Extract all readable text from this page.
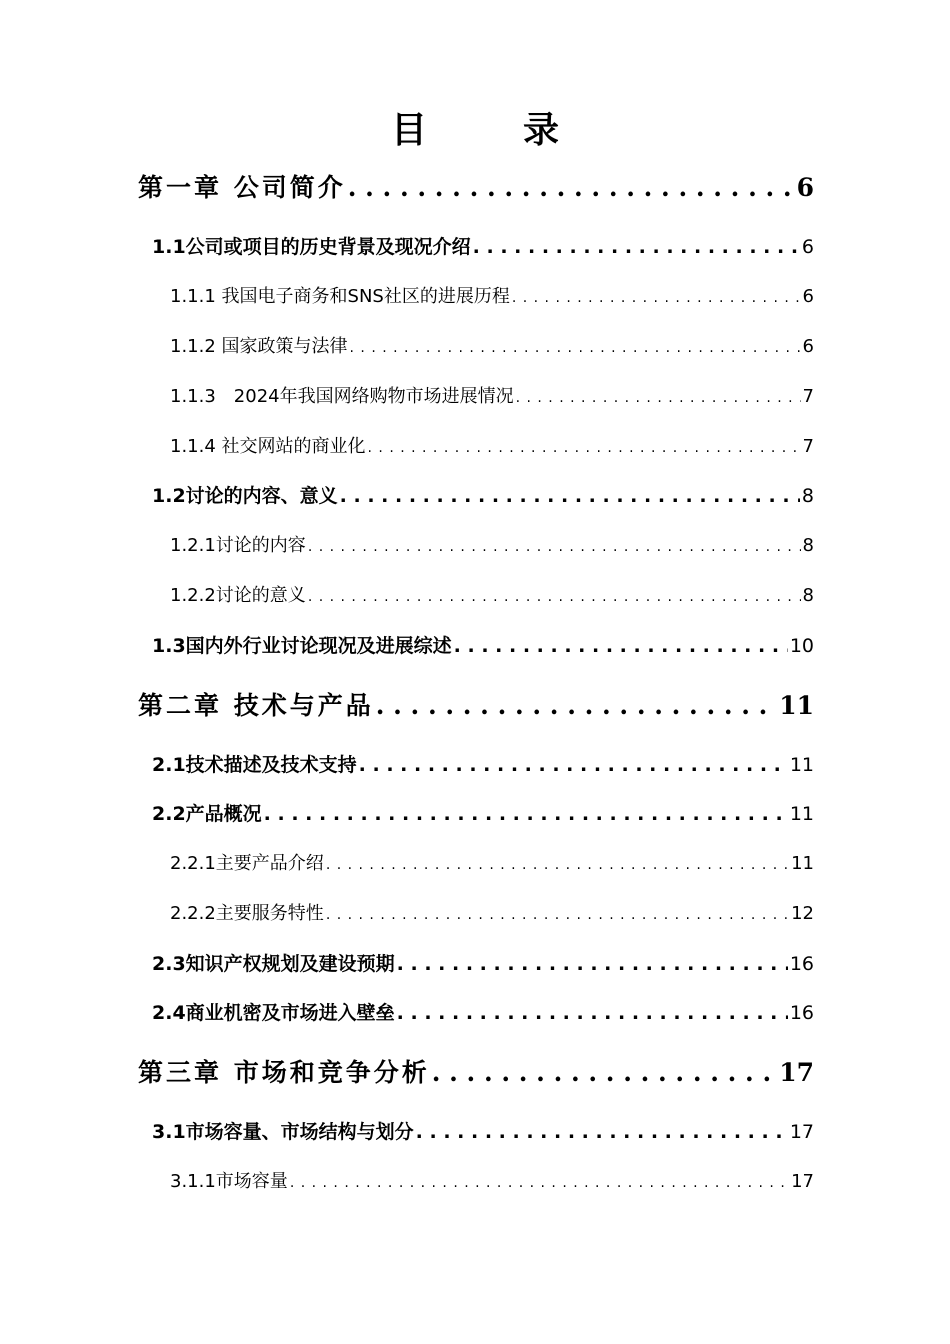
目　录
第一章 公司简介 . . .	6
1.1公司或项目的历史背景及现况介绍 . . .	6
1.1.1 我国电子商务和SNS社区的进展历程 . . .	6
1.1.2 国家政策与法律 . . .	6
1.1.3　2024年我国网络购物市场进展情况 . . .	7
1.1.4 社交网站的商业化 . . .	7
1.2讨论的内容、意义 . . .	8
1.2.1讨论的内容 . . .	8
1.2.2讨论的意义 . . .	8
1.3国内外行业讨论现况及进展综述 . . .	10
第二章 技术与产品 . . .	11
2.1技术描述及技术支持 . . .	11
2.2产品概况 . . .	11
2.2.1主要产品介绍 . . .	11
2.2.2主要服务特性 . . .	12
2.3知识产权规划及建设预期 . . .	16
2.4商业机密及市场进入壁垒 . . .	16
第三章 市场和竞争分析 . . .	17
3.1市场容量、市场结构与划分 . . .	17
3.1.1市场容量 . . .	17
